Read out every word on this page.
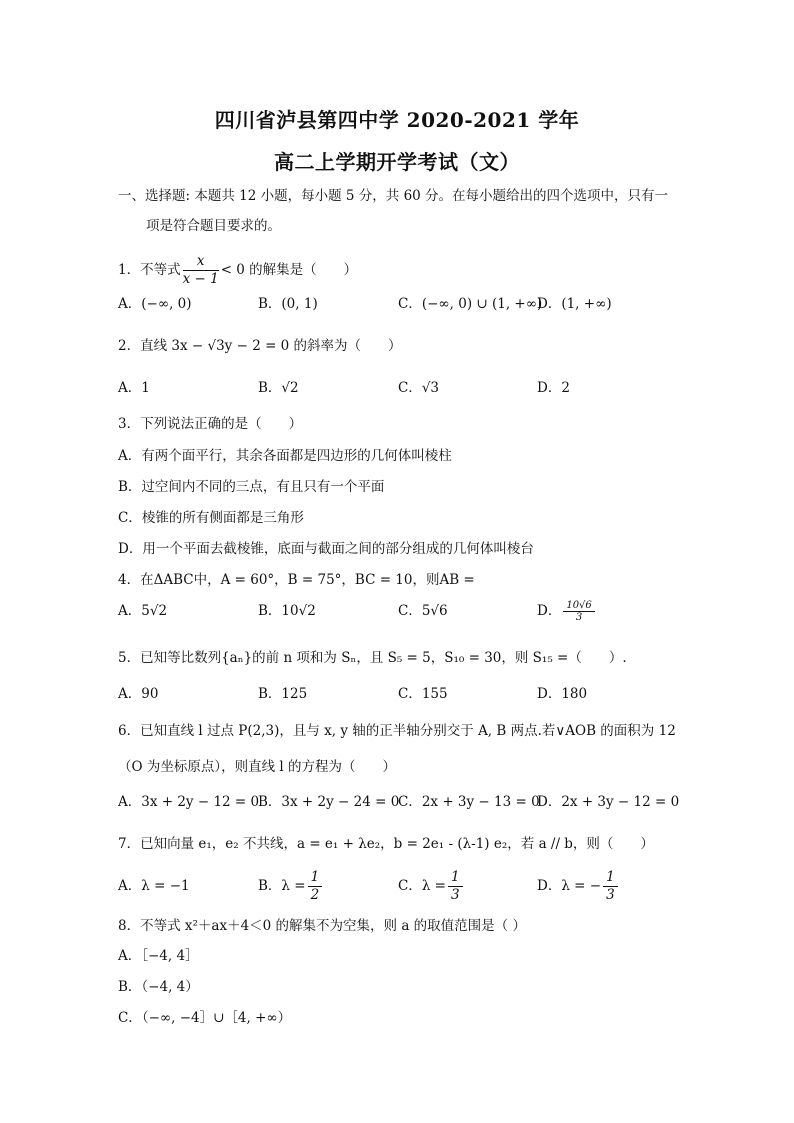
四川省泸县第四中学 2020-2021 学年
高二上学期开学考试（文）
一、选择题: 本题共 12 小题，每小题 5 分，共 60 分。在每小题给出的四个选项中，只有一
项是符合题目要求的。
1．不等式 $\frac{x}{x - 1} < 0$ 的解集是（　　）
A．(−∞, 0)	B．(0, 1)	C．(−∞, 0) ∪ (1, +∞)
D．(1, +∞)
2．直线 3x − √3y − 2 = 0 的斜率为（　　）
A．1	B．√2	C．√3	D．2
3．下列说法正确的是（　　）
A．有两个面平行，其余各面都是四边形的几何体叫棱柱
B．过空间内不同的三点，有且只有一个平面
C．棱锥的所有侧面都是三角形
D．用一个平面去截棱锥，底面与截面之间的部分组成的几何体叫棱台
4．在ΔABC中，A = 60°，B = 75°，BC = 10，则AB =
A．5√2	B．10√2	C．5√6	D． $\frac{10√6}{3}$
5．已知等比数列{aₙ}的前 n 项和为 Sₙ，且 S₅ = 5，S₁₀ = 30，则 S₁₅ =（　　）.
A．90	B．125	C．155	D．180
6．已知直线 l 过点 P(2,3)，且与 x, y 轴的正半轴分别交于 A, B 两点.若∨AOB 的面积为 12
（O 为坐标原点），则直线 l 的方程为（　　）
A．3x + 2y − 12 = 0
B．3x + 2y − 24 = 0
C．2x + 3y − 13 = 0
D．2x + 3y − 12 = 0
7．已知向量 e₁，e₂ 不共线，a = e₁ + λe₂，b = 2e₁ - (λ-1) e₂，若 a // b，则（　　）
A．λ = −1	B．$\lambda = \frac{1}{2}$	C．$\lambda = \frac{1}{3}$	D．λ = − $\frac{1}{3}$
8．不等式 x²＋ax＋4＜0 的解集不为空集，则 a 的取值范围是（ ）
A．［−4, 4］
B．（−4, 4）
C．（−∞, −4］∪［4, +∞）
